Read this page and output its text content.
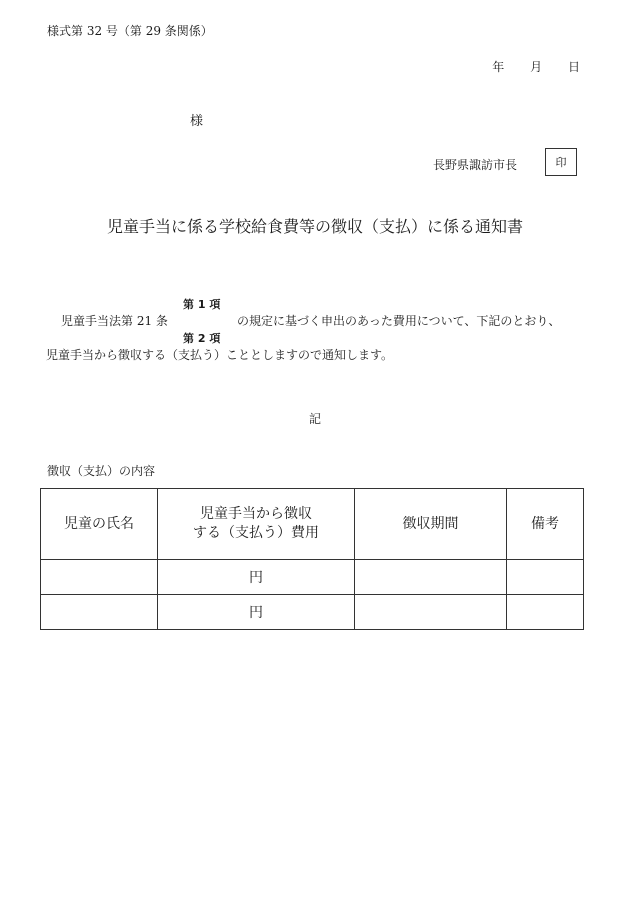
様式第 32 号（第 29 条関係）
年 月 日
様
長野県諏訪市長	印
児童手当に係る学校給食費等の徴収（支払）に係る通知書
第 1 項
児童手当法第 21 条	の規定に基づく申出のあった費用について、下記のとおり、
第 2 項
児童手当から徴収する（支払う）こととしますので通知します。
記
徴収（支払）の内容
児童の氏名	児童手当から徴収
する（支払う）費用	徴収期間	備考
	円		
	円		
